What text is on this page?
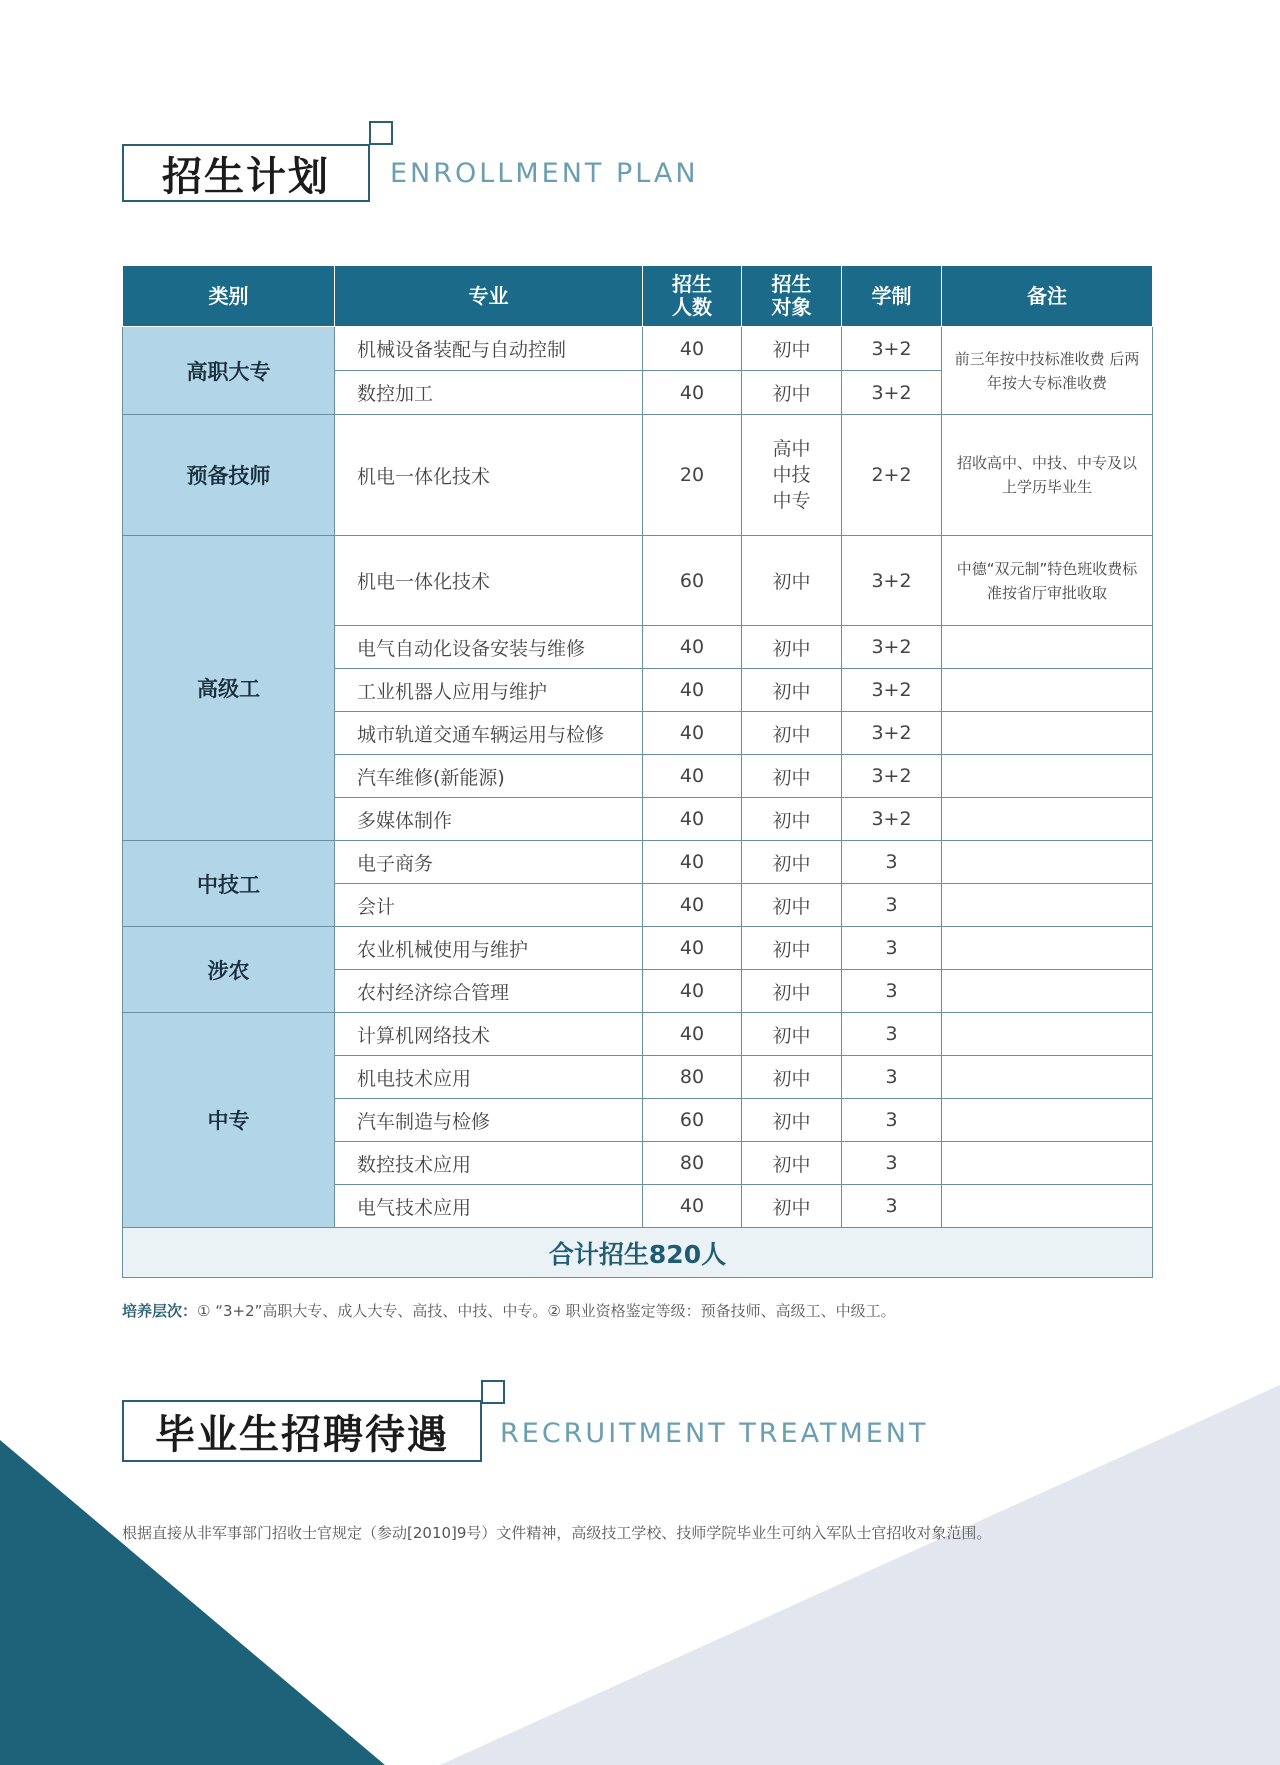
招生计划	ENROLLMENT PLAN
类别	专业	招生人数	招生对象	学制	备注
高职大专	机械设备装配与自动控制	40	初中	3+2	前三年按中技标准收费 后两年按大专标准收费
	数控加工	40	初中	3+2	
预备技师	机电一体化技术	20	高中 中技 中专	2+2	招收高中、中技、中专及以上学历毕业生
高级工	机电一体化技术	60	初中	3+2	中德“双元制”特色班收费标准按省厅审批收取
	电气自动化设备安装与维修	40	初中	3+2	
	工业机器人应用与维护	40	初中	3+2	
	城市轨道交通车辆运用与检修	40	初中	3+2	
	汽车维修(新能源)	40	初中	3+2	
	多媒体制作	40	初中	3+2	
中技工	电子商务	40	初中	3	
	会计	40	初中	3	
涉农	农业机械使用与维护	40	初中	3	
	农村经济综合管理	40	初中	3	
中专	计算机网络技术	40	初中	3	
	机电技术应用	80	初中	3	
	汽车制造与检修	60	初中	3	
	数控技术应用	80	初中	3	
	电气技术应用	40	初中	3	
合计招生820人					
培养层次：① “3+2”高职大专、成人大专、高技、中技、中专。② 职业资格鉴定等级：预备技师、高级工、中级工。
毕业生招聘待遇	RECRUITMENT TREATMENT
根据直接从非军事部门招收士官规定（参动[2010]9号）文件精神，高级技工学校、技师学院毕业生可纳入军队士官招收对象范围。
